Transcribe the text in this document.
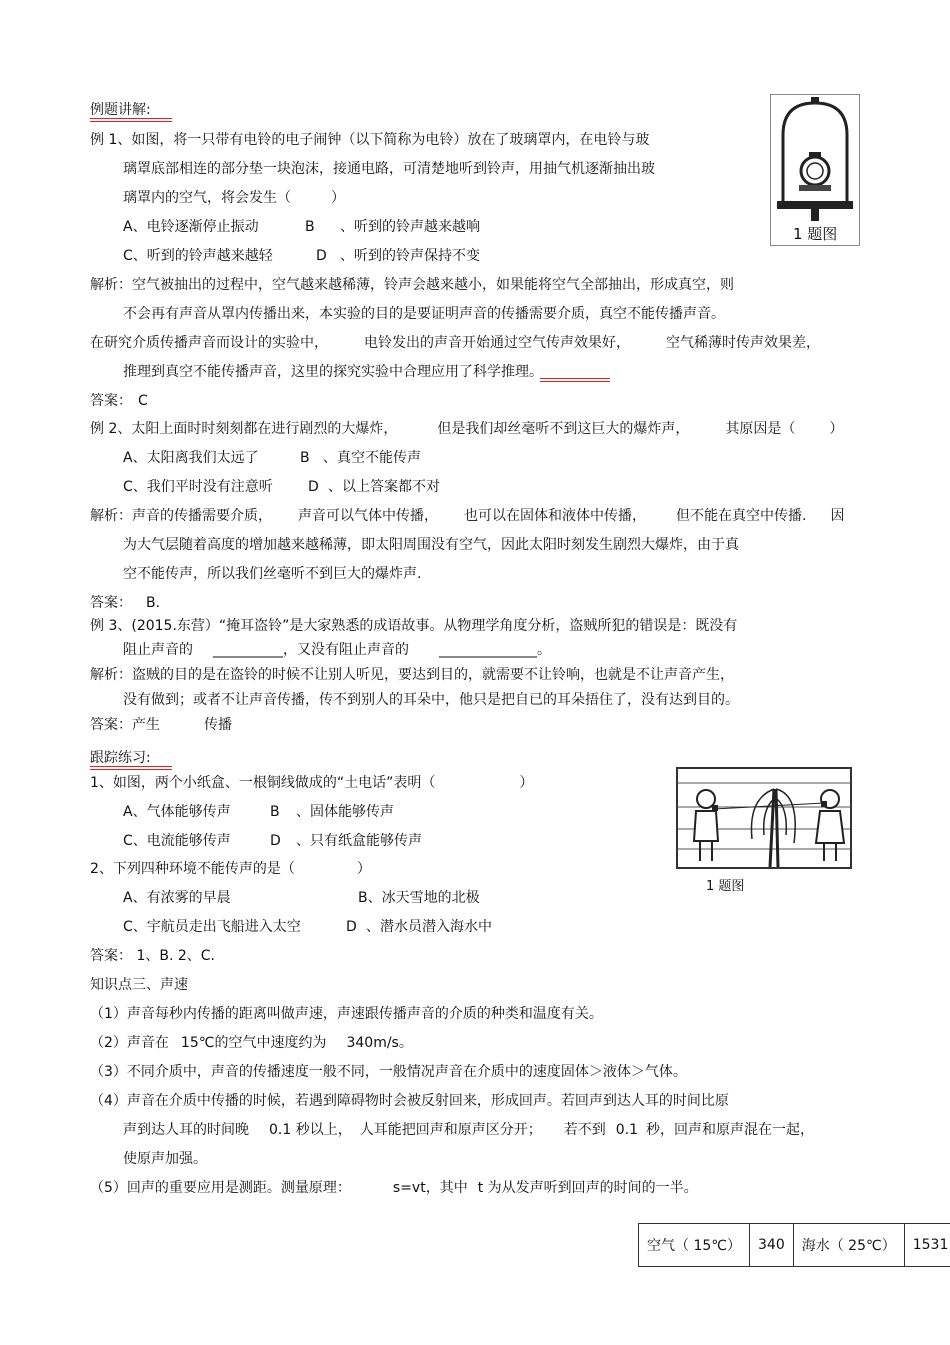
例题讲解:
例 1、如图，将一只带有电铃的电子闹钟（以下简称为电铃）放在了玻璃罩内，在电铃与玻
璃罩底部相连的部分垫一块泡沫，接通电路，可清楚地听到铃声，用抽气机逐渐抽出玻
璃罩内的空气，将会发生（	）
A、电铃逐渐停止振动	B 、听到的铃声越来越响
C、听到的铃声越来越轻	D 、听到的铃声保持不变
1 题图
解析：空气被抽出的过程中，空气越来越稀薄，铃声会越来越小，如果能将空气全部抽出，形成真空，则
不会再有声音从罩内传播出来，本实验的目的是要证明声音的传播需要介质，真空不能传播声音。
在研究介质传播声音而设计的实验中，	电铃发出的声音开始通过空气传声效果好，	空气稀薄时传声效果差，
推理到真空不能传播声音，这里的探究实验中合理应用了科学推理。
答案： C
例 2、太阳上面时时刻刻都在进行剧烈的大爆炸，	但是我们却丝毫听不到这巨大的爆炸声，	其原因是（ ）
A、太阳离我们太远了	B 、真空不能传声
C、我们平时没有注意听	D 、以上答案都不对
解析：声音的传播需要介质， 声音可以气体中传播， 也可以在固体和液体中传播， 但不能在真空中传播. 因
为大气层随着高度的增加越来越稀薄，即太阳周围没有空气，因此太阳时刻发生剧烈大爆炸，由于真
空不能传声，所以我们丝毫听不到巨大的爆炸声.
答案： B.
例 3、(2015.东营）“掩耳盗铃”是大家熟悉的成语故事。从物理学角度分析，盗贼所犯的错误是：既没有
阻止声音的 __________，又没有阻止声音的 ______________。
解析：盗贼的目的是在盗铃的时候不让别人听见，要达到目的，就需要不让铃响，也就是不让声音产生，
没有做到；或者不让声音传播，传不到别人的耳朵中，他只是把自已的耳朵捂住了，没有达到目的。
答案：产生	传播
跟踪练习:
1、如图，两个小纸盒、一根铜线做成的“土电话”表明（	）
A、气体能够传声	B 、固体能够传声
C、电流能够传声	D 、只有纸盒能够传声
1 题图
2、下列四种环境不能传声的是（	）
A、有浓雾的早晨	B、冰天雪地的北极
C、宇航员走出飞船进入太空	D 、潜水员潜入海水中
答案： 1、B. 2、C.
知识点三、声速
（1）声音每秒内传播的距离叫做声速，声速跟传播声音的介质的种类和温度有关。
（2）声音在 15℃的空气中速度约为 340m/s。
（3）不同介质中，声音的传播速度一般不同，一般情况声音在介质中的速度固体＞液体＞气体。
（4）声音在介质中传播的时候，若遇到障碍物时会被反射回来，形成回声。若回声到达人耳的时间比原
声到达人耳的时间晚 0.1 秒以上， 人耳能把回声和原声区分开； 若不到 0.1 秒，回声和原声混在一起，
使原声加强。
（5）回声的重要应用是测距。测量原理：	s=vt，其中 t 为从发声听到回声的时间的一半。
空气（ 15℃）	340	海水（ 25℃）	1531
